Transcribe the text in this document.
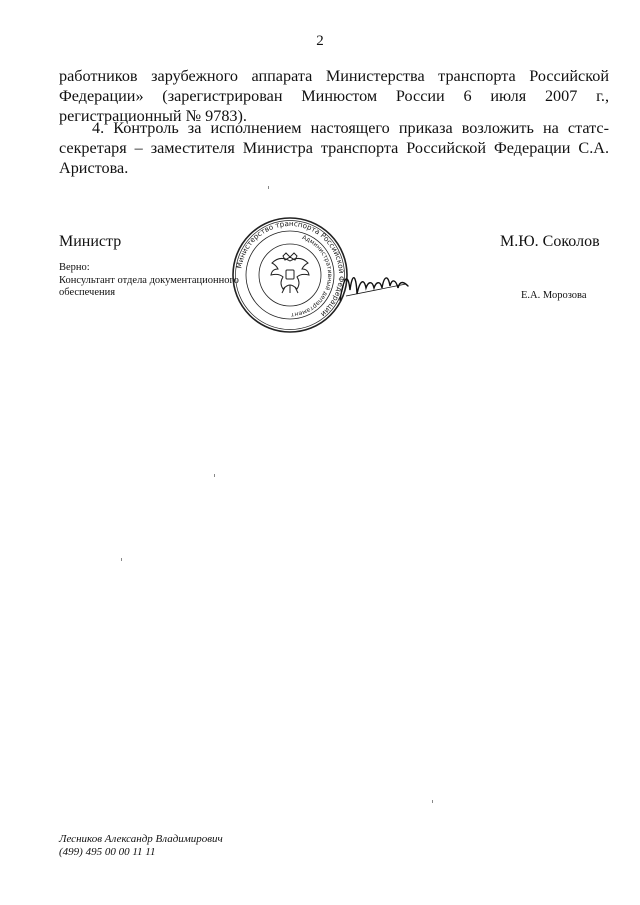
2
работников зарубежного аппарата Министерства транспорта Российской Федерации» (зарегистрирован Минюстом России 6 июля 2007 г., регистрационный № 9783).
4. Контроль за исполнением настоящего приказа возложить на статс-секретаря – заместителя Министра транспорта Российской Федерации С.А. Аристова.
Министр	М.Ю. Соколов
Верно:
Консультант отдела документационного
обеспечения	Е.А. Морозова
Министерство транспорта Российской Федерации
Административный департамент
Лесников Александр Владимирович
(499) 495 00 00 11 11
